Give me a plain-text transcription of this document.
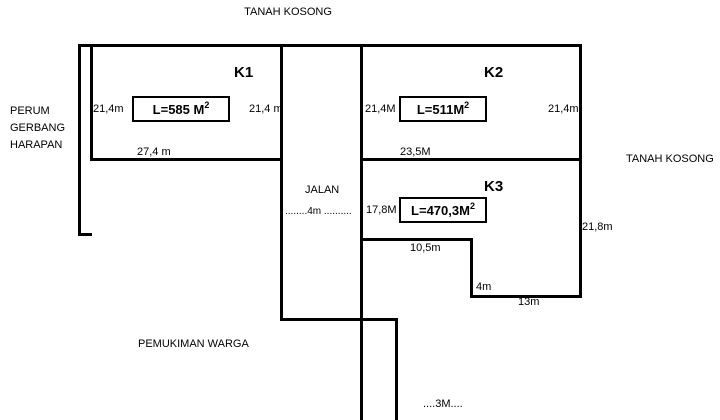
TANAH KOSONG
TANAH KOSONG
PERUM
GERBANG
HARAPAN
PEMUKIMAN WARGA
K1	K2
K3
L=585 $M^2$	$L=511M^2$
$L=470,3M^2$
21,4m	21,4 m
27,4 m
21,4M	21,4m
23,5M
17,8M
21,8m
10,5m
4m
13m
JALAN
........4m ..........
....3M....
